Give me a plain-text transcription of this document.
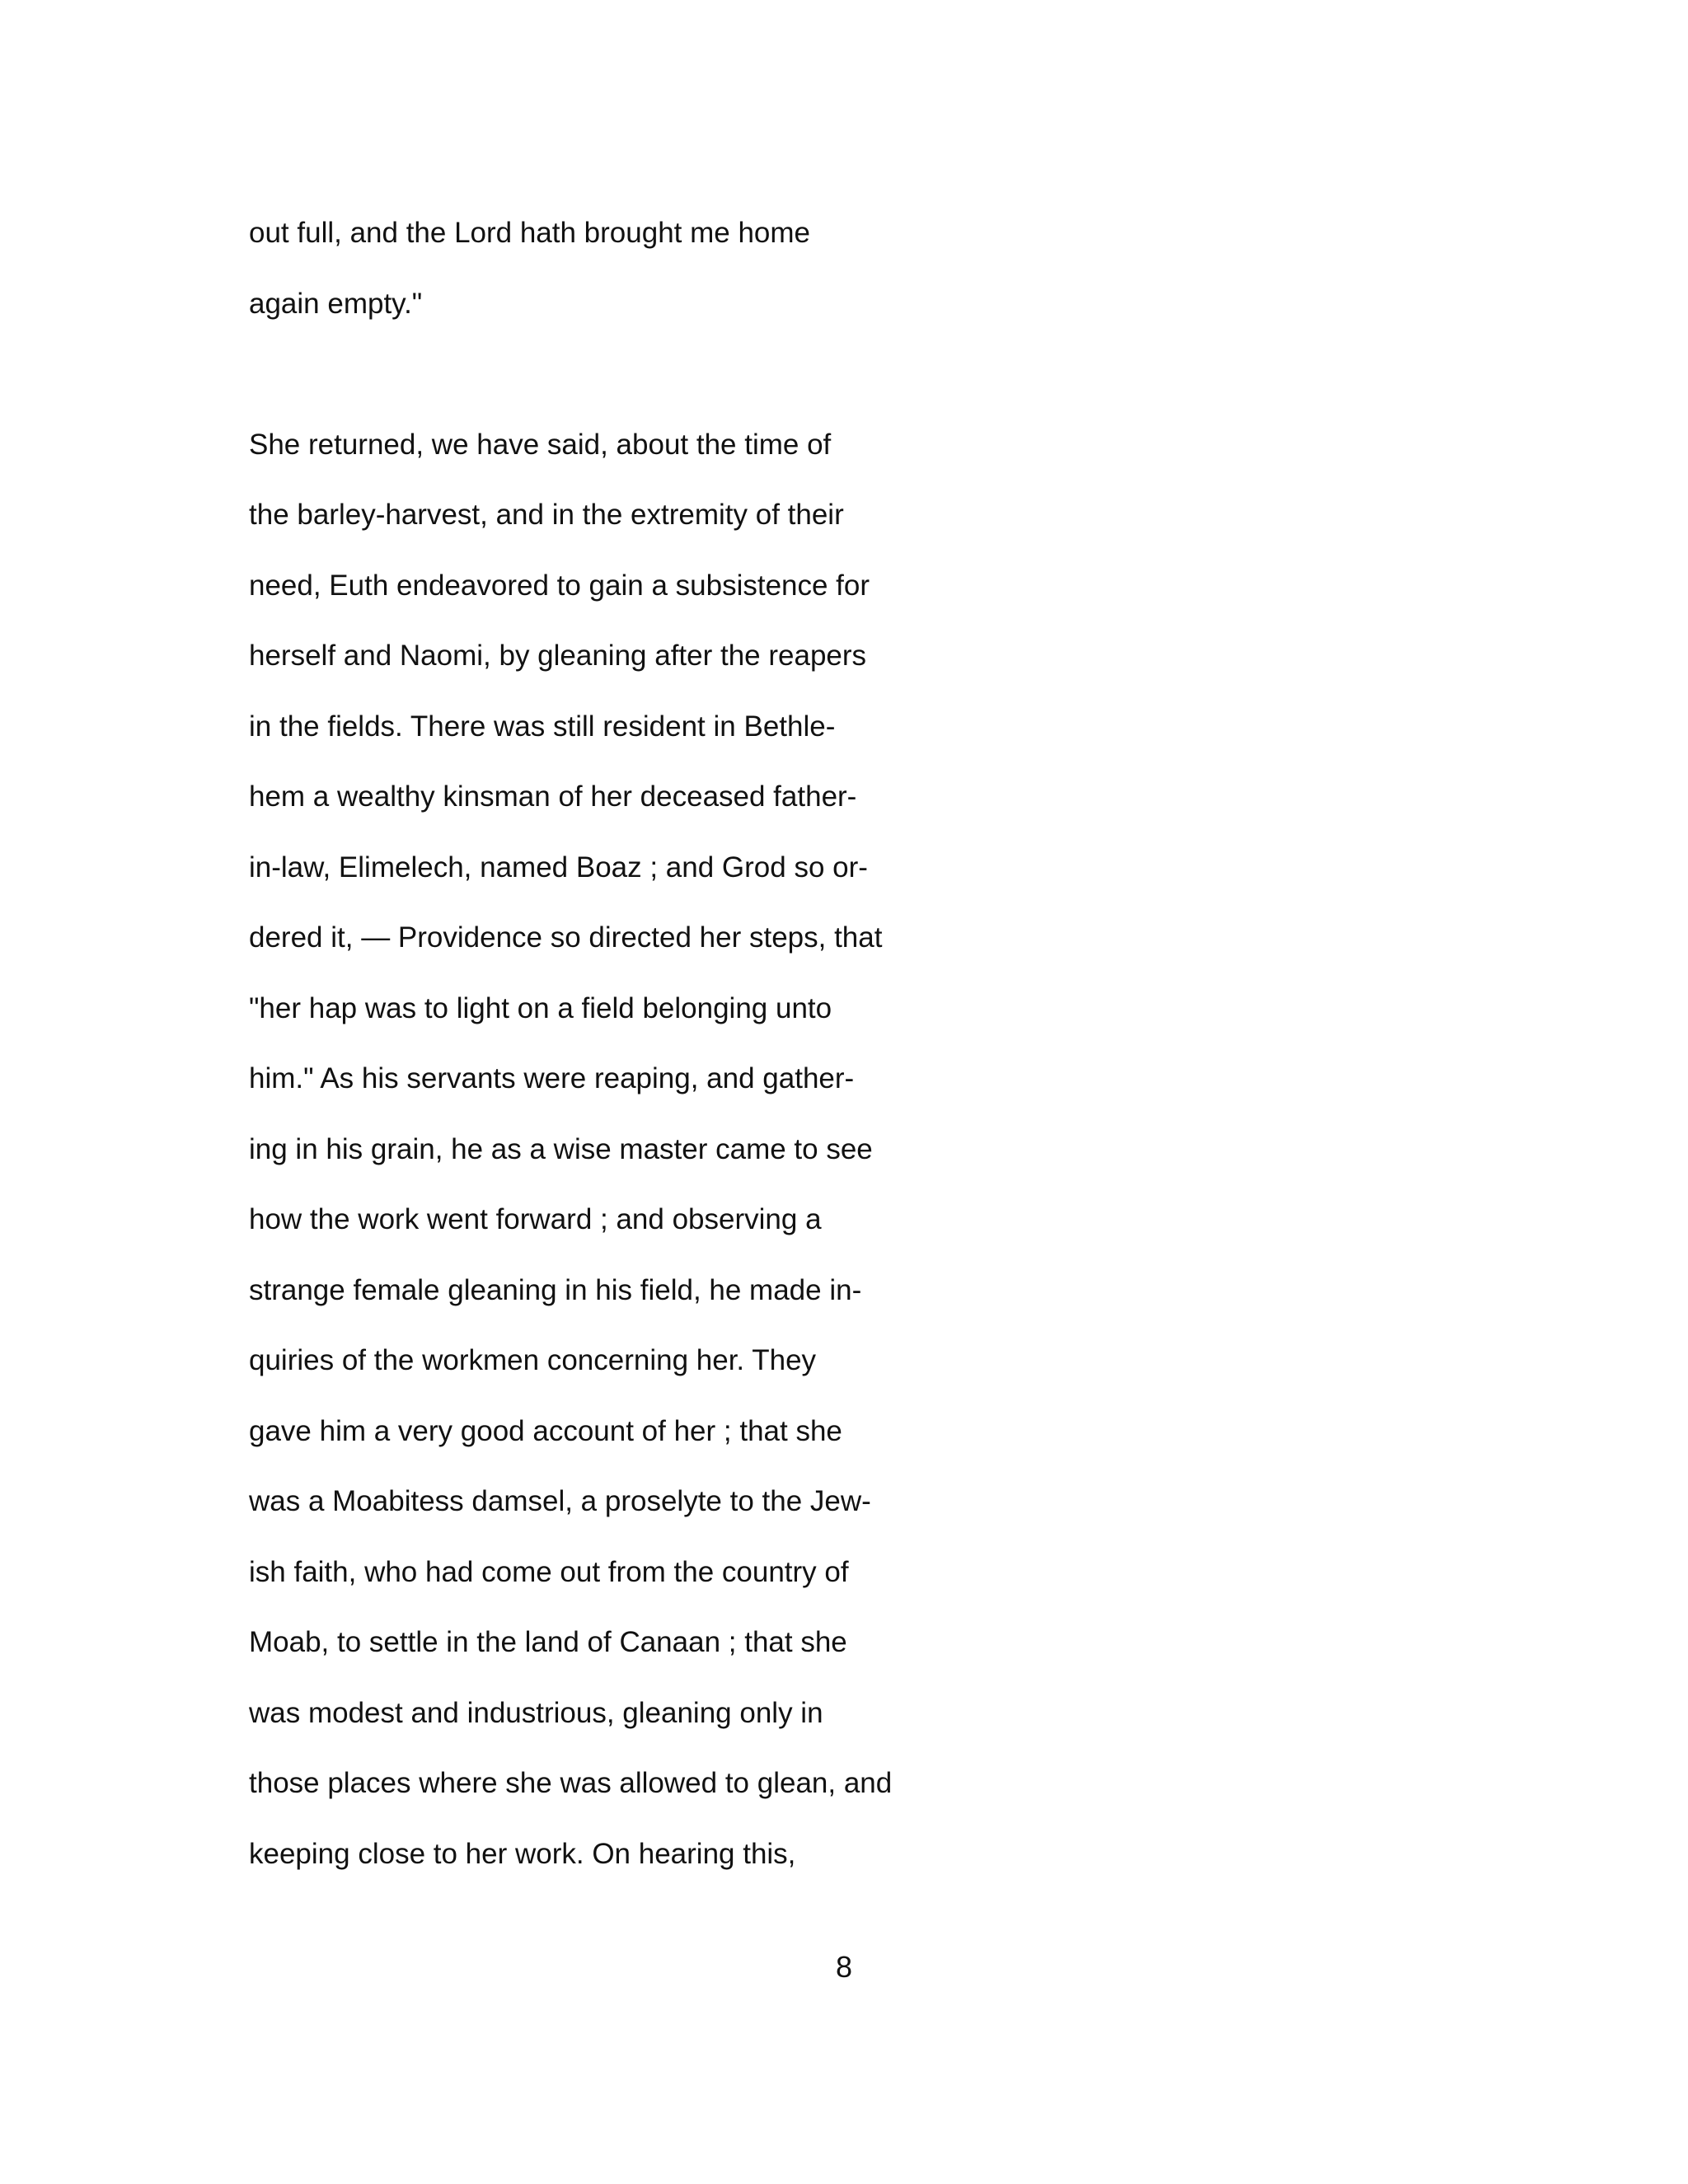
out full, and the Lord hath brought me home
again empty."
She returned, we have said, about the time of
the barley-harvest, and in the extremity of their
need, Euth endeavored to gain a subsistence for
herself and Naomi, by gleaning after the reapers
in the fields. There was still resident in Bethle-
hem a wealthy kinsman of her deceased father-
in-law, Elimelech, named Boaz ; and Grod so or-
dered it, — Providence so directed her steps, that
"her hap was to light on a field belonging unto
him." As his servants were reaping, and gather-
ing in his grain, he as a wise master came to see
how the work went forward ; and observing a
strange female gleaning in his field, he made in-
quiries of the workmen concerning her. They
gave him a very good account of her ; that she
was a Moabitess damsel, a proselyte to the Jew-
ish faith, who had come out from the country of
Moab, to settle in the land of Canaan ; that she
was modest and industrious, gleaning only in
those places where she was allowed to glean, and
keeping close to her work. On hearing this,
8
